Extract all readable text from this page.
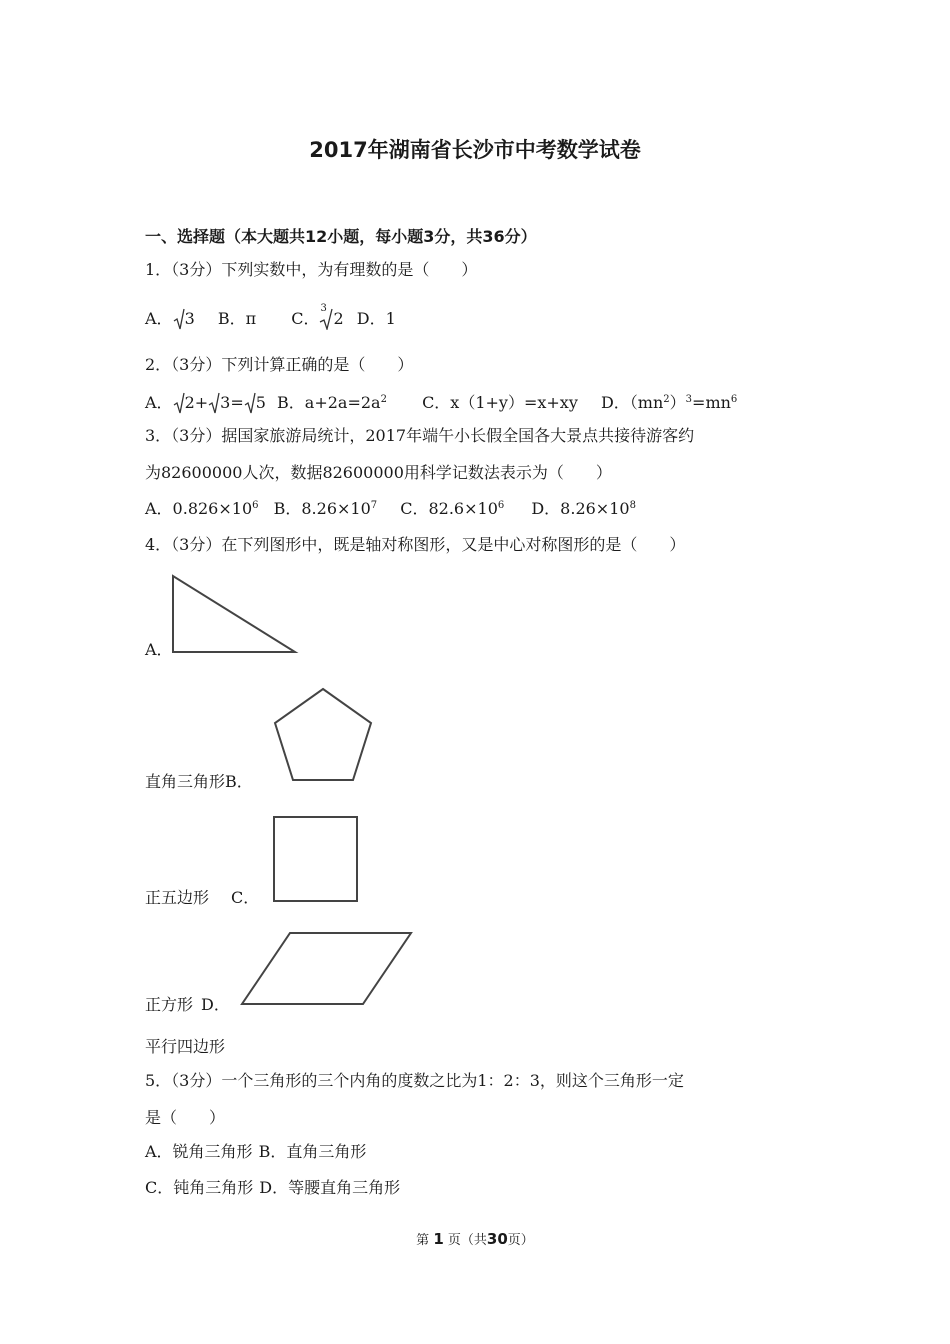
2017年湖南省长沙市中考数学试卷
一、选择题（本大题共12小题，每小题3分，共36分）
1．（3分）下列实数中，为有理数的是（　　）
A． 3 B．π C．
3
2 D．1
2．（3分）下列计算正确的是（　　）
A． 2+ 3= 5 B．$a+2a=2a^2$ C．x（1+y）=x+xy D．$(mn^2)^3=mn^6$
3．（3分）据国家旅游局统计，2017年端午小长假全国各大景点共接待游客约
为82600000人次，数据82600000用科学记数法表示为（　　）
A．$0.826\times 10^6$ B．$8.26\times 10^7$ C．$82.6\times 10^6$ D．$8.26\times 10^8$
4．（3分）在下列图形中，既是轴对称图形，又是中心对称图形的是（　　）
A．
直角三角形B．
正五边形 C．
正方形 D．
平行四边形
5．（3分）一个三角形的三个内角的度数之比为1：2：3，则这个三角形一定
是（　　）
A．锐角三角形 B．直角三角形
C．钝角三角形 D．等腰直角三角形
第 1 页（共30页）
